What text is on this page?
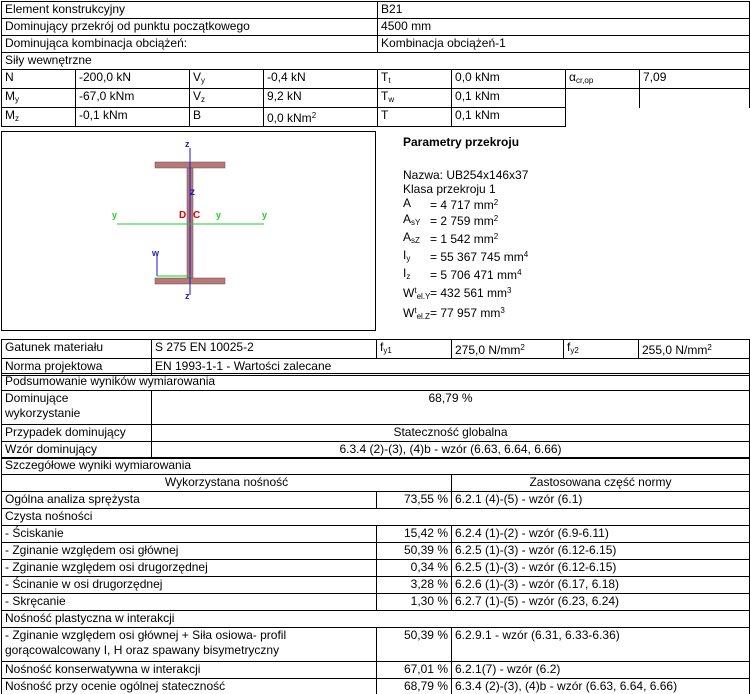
Element konstrukcyjny				B21			
Dominujący przekrój od punktu początkowego				4500 mm			
Dominująca kombinacja obciążeń:				Kombinacja obciążeń-1			
Siły wewnętrzne							
N	-200,0 kN	$V_y$	-0,4 kN	$T_t$	0,0 kNm	$\alpha_{cr,op}$	7,09
$M_y$	-67,0 kNm	$V_z$	9,2 kN	$T_w$	0,1 kNm		
$M_z$	-0,1 kNm	B	0,0 kNm$^2$	T	0,1 kNm		
z
z
z
y	y	y
D C
w
Parametry przekroju
Nazwa: UB254x146x37
Klasa przekroju 1
A	= 4 717 $mm^2$
$A_{sY} = 2$ 759 $mm^2$
$A_{sZ} = 1$ 542 $mm^2$
$I_y$	= 55 367 745 $mm^4$
$I_z$	= 5 706 471 $mm^4$
$W^t_{el.Y} = 432$ 561 $mm^3$
$W^t_{el.Z} = 77$ 957 $mm^3$
Gatunek materiału	S 275 EN 10025-2	$f_{y1}$	275,0 $N/mm^2$	$f_{y2}$	255,0 $N/mm^2$
Norma projektowa	EN 1993-1-1 - Wartości zalecane				
Podsumowanie wyników wymiarowania	

Dominujące
wykorzystanie	68,79 %
Przypadek dominujący	Stateczność globalna
Wzór dominujący	6.3.4 (2)-(3), (4)b - wzór (6.63, 6.64, 6.66)
Szczegółowe wyniki wymiarowania		
Wykorzystana nośność		Zastosowana część normy

Ogólna analiza sprężysta	73,55 %	6.2.1 (4)-(5) - wzór (6.1)
Czysta nośności		

- Ściskanie	15,42 %	6.2.4 (1)-(2) - wzór (6.9-6.11)

- Zginanie względem osi głównej	50,39 %	6.2.5 (1)-(3) - wzór (6.12-6.15)

- Zginanie względem osi drugorzędnej	0,34 %	6.2.5 (1)-(3) - wzór (6.12-6.15)

- Ścinanie w osi drugorzędnej	3,28 %	6.2.6 (1)-(3) - wzór (6.17, 6.18)

- Skręcanie	1,30 %	6.2.7 (1)-(5) - wzór (6.23, 6.24)
Nośność plastyczna w interakcji		

- Zginanie względem osi głównej + Siła osiowa- profil
gorącowalcowany I, H oraz spawany bisymetryczny	50,39 %	6.2.9.1 - wzór (6.31, 6.33-6.36)

Nośność konserwatywna w interakcji	67,01 %	6.2.1(7) - wzór (6.2)

Nośność przy ocenie ogólnej stateczność	68,79 %	6.3.4 (2)-(3), (4)b - wzór (6.63, 6.64, 6.66)
